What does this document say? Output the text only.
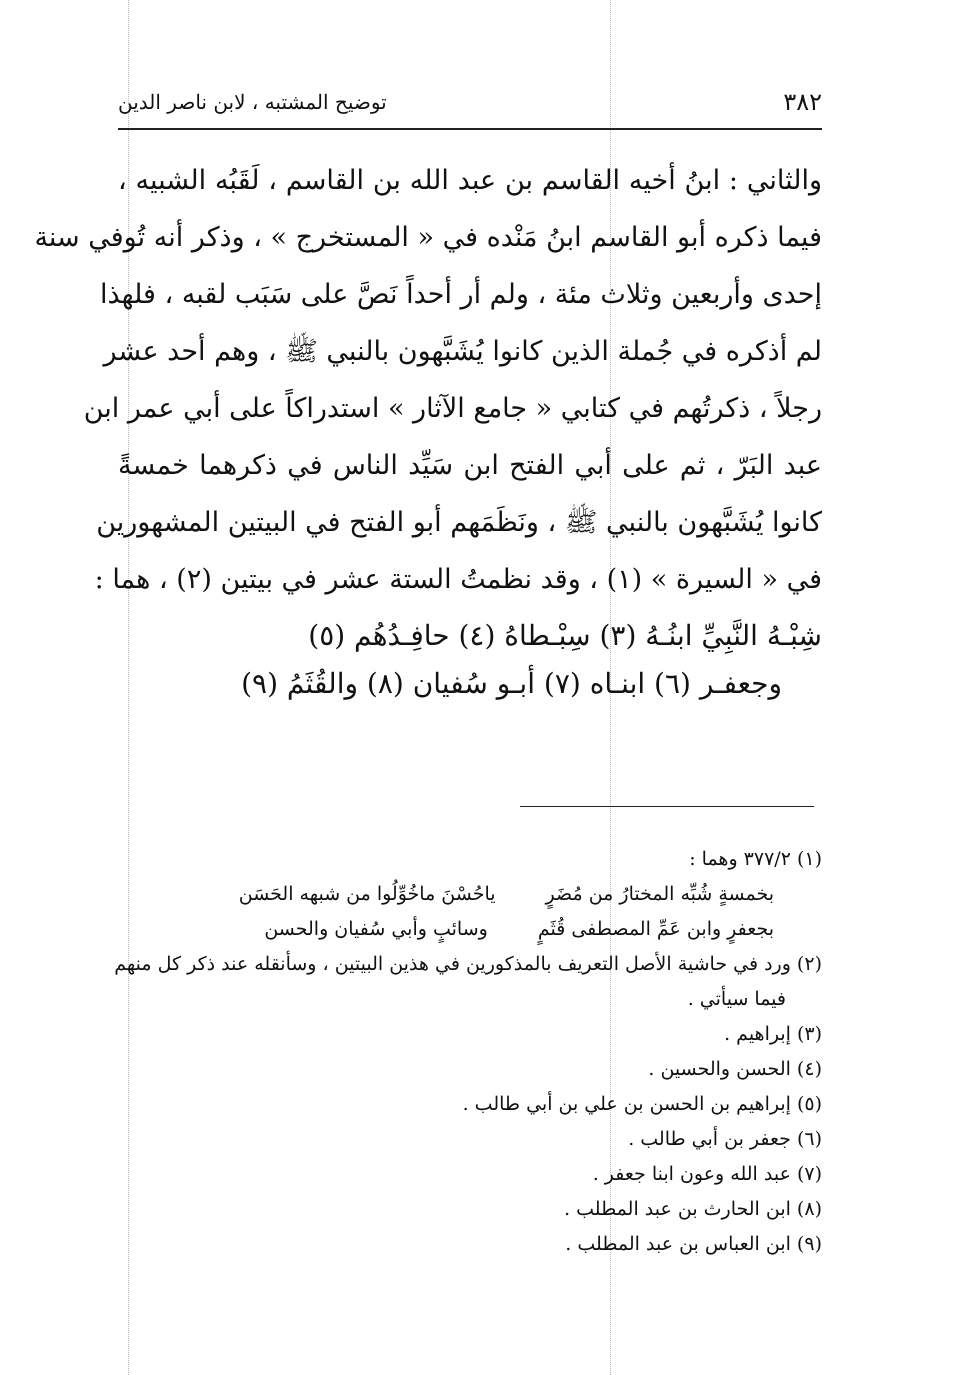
٣٨٢
توضيح المشتبه ، لابن ناصر الدين
والثاني : ابنُ أخيه القاسم بن عبد الله بن القاسم ، لَقَبُه الشبيه ،
فيما ذكره أبو القاسم ابنُ مَنْده في « المستخرج » ، وذكر أنه تُوفي سنة
إحدى وأربعين وثلاث مئة ، ولم أر أحداً نَصَّ على سَبَب لقبه ، فلهذا
لم أذكره في جُملة الذين كانوا يُشَبَّهون بالنبي ﷺ ، وهم أحد عشر
رجلاً ، ذكرتُهم في كتابي « جامع الآثار » استدراكاً على أبي عمر ابن
عبد البَرّ ، ثم على أبي الفتح ابن سَيِّد الناس في ذكرهما خمسةً
كانوا يُشَبَّهون بالنبي ﷺ ، ونَظَمَهم أبو الفتح في البيتين المشهورين
في « السيرة » (١) ، وقد نظمتُ الستة عشر في بيتين (٢) ، هما :
شِبْـهُ النَّبِيِّ ابنُـهُ (٣) سِبْـطاهُ (٤) حافِـدُهُم (٥)
وجعفـر (٦) ابنـاه (٧) أبـو سُفيان (٨) والقُثَمُ (٩)
(١) ٣٧٧/٢ وهما :
بخمسةٍ شُبِّه المختارُ من مُضَرٍ
ياحُسْنَ ماخُوِّلُوا من شبهه الحَسَن
بجعفرٍ وابن عَمِّ المصطفى قُثَمٍ
وسائبٍ وأبي سُفيان والحسن
(٢) ورد في حاشية الأصل التعريف بالمذكورين في هذين البيتين ، وسأنقله عند ذكر كل منهم
فيما سيأتي .
(٣) إبراهيم .
(٤) الحسن والحسين .
(٥) إبراهيم بن الحسن بن علي بن أبي طالب .
(٦) جعفر بن أبي طالب .
(٧) عبد الله وعون ابنا جعفر .
(٨) ابن الحارث بن عبد المطلب .
(٩) ابن العباس بن عبد المطلب .
